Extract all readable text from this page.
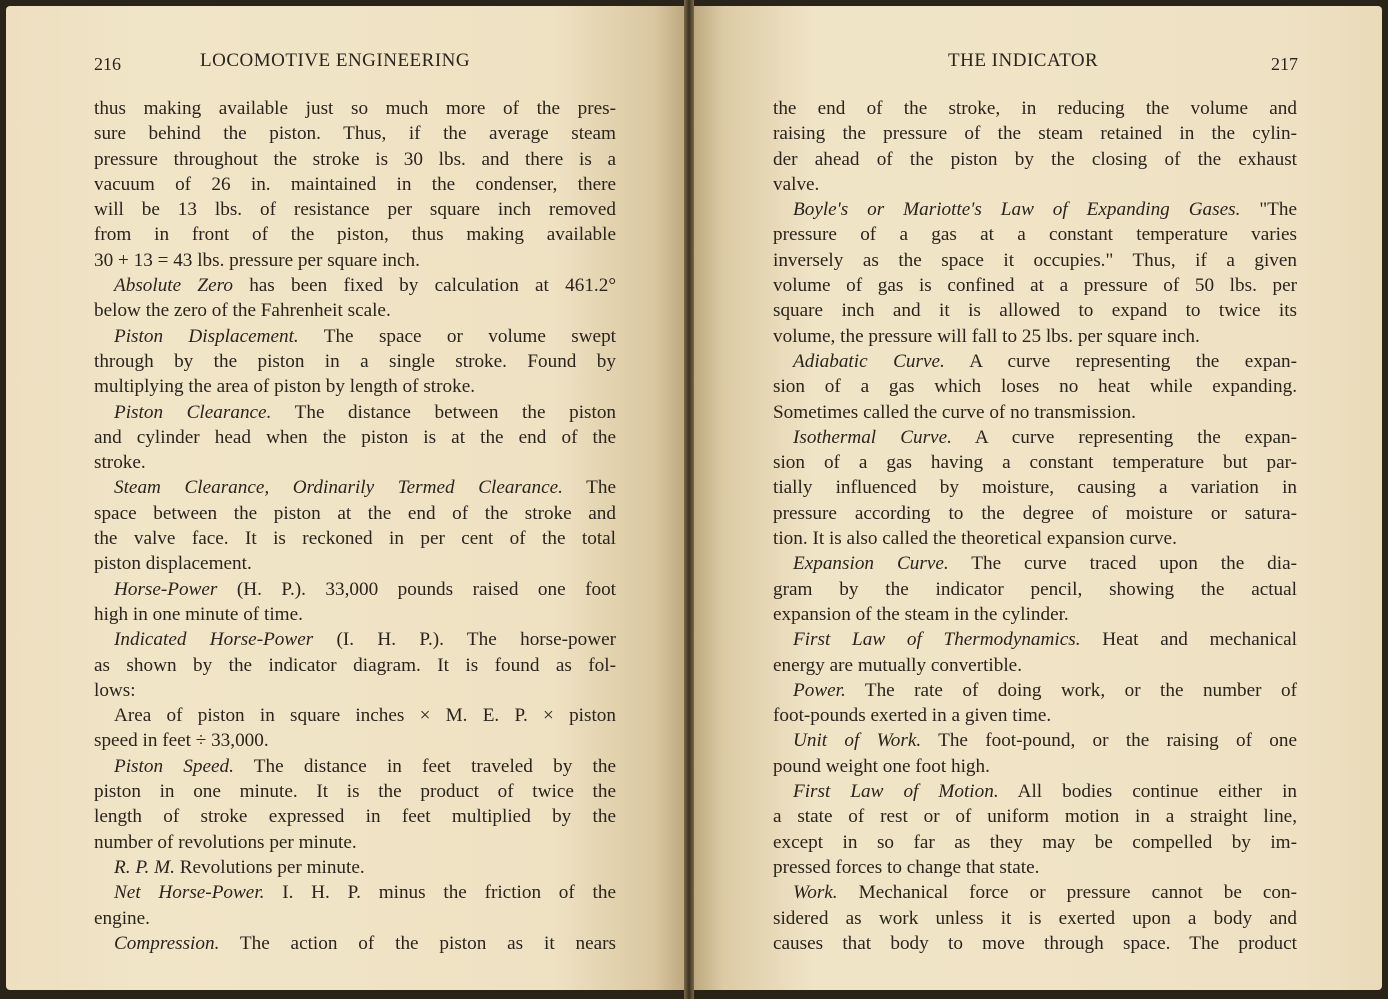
216	LOCOMOTIVE ENGINEERING
thus making available just so much more of the pres-
sure behind the piston. Thus, if the average steam
pressure throughout the stroke is 30 lbs. and there is a
vacuum of 26 in. maintained in the condenser, there
will be 13 lbs. of resistance per square inch removed
from in front of the piston, thus making available
30 + 13 = 43 lbs. pressure per square inch.
Absolute Zero has been fixed by calculation at 461.2°
below the zero of the Fahrenheit scale.
Piston Displacement. The space or volume swept
through by the piston in a single stroke. Found by
multiplying the area of piston by length of stroke.
Piston Clearance. The distance between the piston
and cylinder head when the piston is at the end of the
stroke.
Steam Clearance, Ordinarily Termed Clearance. The
space between the piston at the end of the stroke and
the valve face. It is reckoned in per cent of the total
piston displacement.
Horse-Power (H. P.). 33,000 pounds raised one foot
high in one minute of time.
Indicated Horse-Power (I. H. P.). The horse-power
as shown by the indicator diagram. It is found as fol-
lows:
Area of piston in square inches × M. E. P. × piston
speed in feet ÷ 33,000.
Piston Speed. The distance in feet traveled by the
piston in one minute. It is the product of twice the
length of stroke expressed in feet multiplied by the
number of revolutions per minute.
R. P. M. Revolutions per minute.
Net Horse-Power. I. H. P. minus the friction of the
engine.
Compression. The action of the piston as it nears
THE INDICATOR	217
the end of the stroke, in reducing the volume and
raising the pressure of the steam retained in the cylin-
der ahead of the piston by the closing of the exhaust
valve.
Boyle's or Mariotte's Law of Expanding Gases. "The
pressure of a gas at a constant temperature varies
inversely as the space it occupies." Thus, if a given
volume of gas is confined at a pressure of 50 lbs. per
square inch and it is allowed to expand to twice its
volume, the pressure will fall to 25 lbs. per square inch.
Adiabatic Curve. A curve representing the expan-
sion of a gas which loses no heat while expanding.
Sometimes called the curve of no transmission.
Isothermal Curve. A curve representing the expan-
sion of a gas having a constant temperature but par-
tially influenced by moisture, causing a variation in
pressure according to the degree of moisture or satura-
tion. It is also called the theoretical expansion curve.
Expansion Curve. The curve traced upon the dia-
gram by the indicator pencil, showing the actual
expansion of the steam in the cylinder.
First Law of Thermodynamics. Heat and mechanical
energy are mutually convertible.
Power. The rate of doing work, or the number of
foot-pounds exerted in a given time.
Unit of Work. The foot-pound, or the raising of one
pound weight one foot high.
First Law of Motion. All bodies continue either in
a state of rest or of uniform motion in a straight line,
except in so far as they may be compelled by im-
pressed forces to change that state.
Work. Mechanical force or pressure cannot be con-
sidered as work unless it is exerted upon a body and
causes that body to move through space. The product
